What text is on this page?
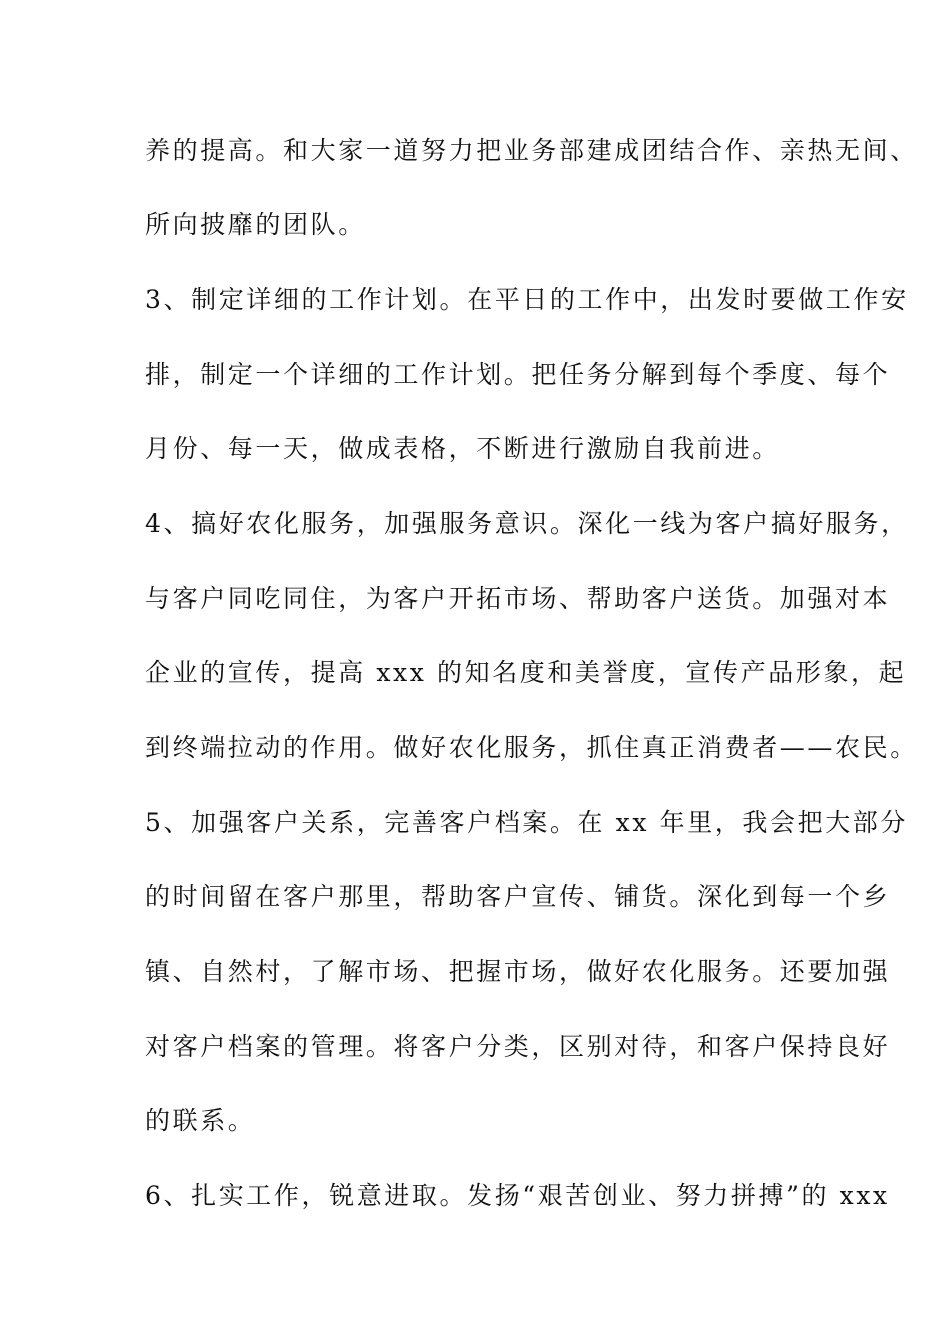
养的提高。和大家一道努力把业务部建成团结合作、亲热无间、
所向披靡的团队。
3、制定详细的工作计划。在平日的工作中，出发时要做工作安
排，制定一个详细的工作计划。把任务分解到每个季度、每个
月份、每一天，做成表格，不断进行激励自我前进。
4、搞好农化服务，加强服务意识。深化一线为客户搞好服务，
与客户同吃同住，为客户开拓市场、帮助客户送货。加强对本
企业的宣传，提高 xxx 的知名度和美誉度，宣传产品形象，起
到终端拉动的作用。做好农化服务，抓住真正消费者——农民。
5、加强客户关系，完善客户档案。在 xx 年里，我会把大部分
的时间留在客户那里，帮助客户宣传、铺货。深化到每一个乡
镇、自然村，了解市场、把握市场，做好农化服务。还要加强
对客户档案的管理。将客户分类，区别对待，和客户保持良好
的联系。
6、扎实工作，锐意进取。发扬“艰苦创业、努力拼搏”的 xxx
